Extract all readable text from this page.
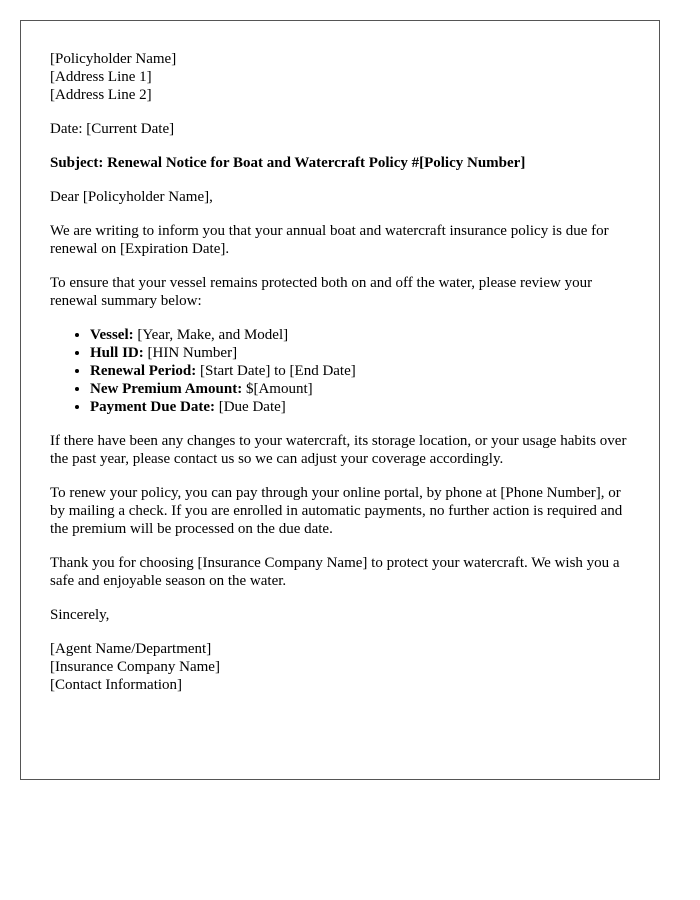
[Policyholder Name]
[Address Line 1]
[Address Line 2]

Date: [Current Date]

Subject: Renewal Notice for Boat and Watercraft Policy #[Policy Number]

Dear [Policyholder Name],

We are writing to inform you that your annual boat and watercraft insurance policy is due for renewal on [Expiration Date].

To ensure that your vessel remains protected both on and off the water, please review your renewal summary below:

• Vessel: [Year, Make, and Model]
• Hull ID: [HIN Number]
• Renewal Period: [Start Date] to [End Date]
• New Premium Amount: $[Amount]
• Payment Due Date: [Due Date]

If there have been any changes to your watercraft, its storage location, or your usage habits over the past year, please contact us so we can adjust your coverage accordingly.

To renew your policy, you can pay through your online portal, by phone at [Phone Number], or by mailing a check. If you are enrolled in automatic payments, no further action is required and the premium will be processed on the due date.

Thank you for choosing [Insurance Company Name] to protect your watercraft. We wish you a safe and enjoyable season on the water.

Sincerely,

[Agent Name/Department]
[Insurance Company Name]
[Contact Information]
